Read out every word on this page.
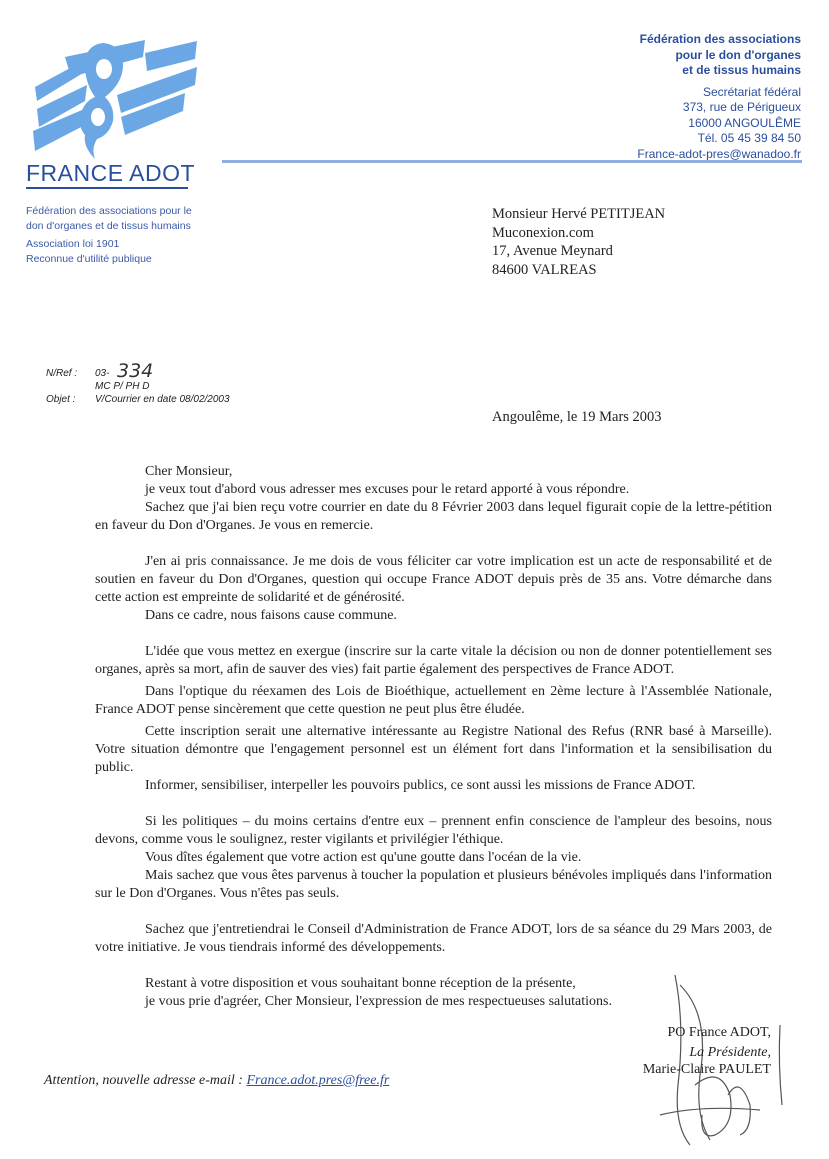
FRANCE ADOT
Fédération des associations pour le
don d'organes et de tissus humains
Association loi 1901
Reconnue d'utilité publique
Fédération des associations
pour le don d'organes
et de tissus humains
Secrétariat fédéral
373, rue de Périgueux
16000 ANGOULÊME
Tél. 05 45 39 84 50
France-adot-pres@wanadoo.fr
Monsieur Hervé PETITJEAN
Muconexion.com
17, Avenue Meynard
84600 VALREAS
N/Ref : 03- 334
MC P/ PH D
Objet : V/Courrier en date 08/02/2003
Angoulême, le 19 Mars 2003

Cher Monsieur,

je veux tout d'abord vous adresser mes excuses pour le retard apporté à vous répondre.

Sachez que j'ai bien reçu votre courrier en date du 8 Février 2003 dans lequel figurait copie de la lettre-pétition en faveur du Don d'Organes. Je vous en remercie.

J'en ai pris connaissance. Je me dois de vous féliciter car votre implication est un acte de responsabilité et de soutien en faveur du Don d'Organes, question qui occupe France ADOT depuis près de 35 ans. Votre démarche dans cette action est empreinte de solidarité et de générosité.

Dans ce cadre, nous faisons cause commune.

L'idée que vous mettez en exergue (inscrire sur la carte vitale la décision ou non de donner potentiellement ses organes, après sa mort, afin de sauver des vies) fait partie également des perspectives de France ADOT.

Dans l'optique du réexamen des Lois de Bioéthique, actuellement en 2ème lecture à l'Assemblée Nationale, France ADOT pense sincèrement que cette question ne peut plus être éludée.

Cette inscription serait une alternative intéressante au Registre National des Refus (RNR basé à Marseille). Votre situation démontre que l'engagement personnel est un élément fort dans l'information et la sensibilisation du public.

Informer, sensibiliser, interpeller les pouvoirs publics, ce sont aussi les missions de France ADOT.

Si les politiques – du moins certains d'entre eux – prennent enfin conscience de l'ampleur des besoins, nous devons, comme vous le soulignez, rester vigilants et privilégier l'éthique.

Vous dîtes également que votre action est qu'une goutte dans l'océan de la vie.

Mais sachez que vous êtes parvenus à toucher la population et plusieurs bénévoles impliqués dans l'information sur le Don d'Organes. Vous n'êtes pas seuls.

Sachez que j'entretiendrai le Conseil d'Administration de France ADOT, lors de sa séance du 29 Mars 2003, de votre initiative. Je vous tiendrais informé des développements.

Restant à votre disposition et vous souhaitant bonne réception de la présente,

je vous prie d'agréer, Cher Monsieur, l'expression de mes respectueuses salutations.

PO France ADOT,
La Présidente,
Marie-Claire PAULET
Attention, nouvelle adresse e-mail : France.adot.pres@free.fr
